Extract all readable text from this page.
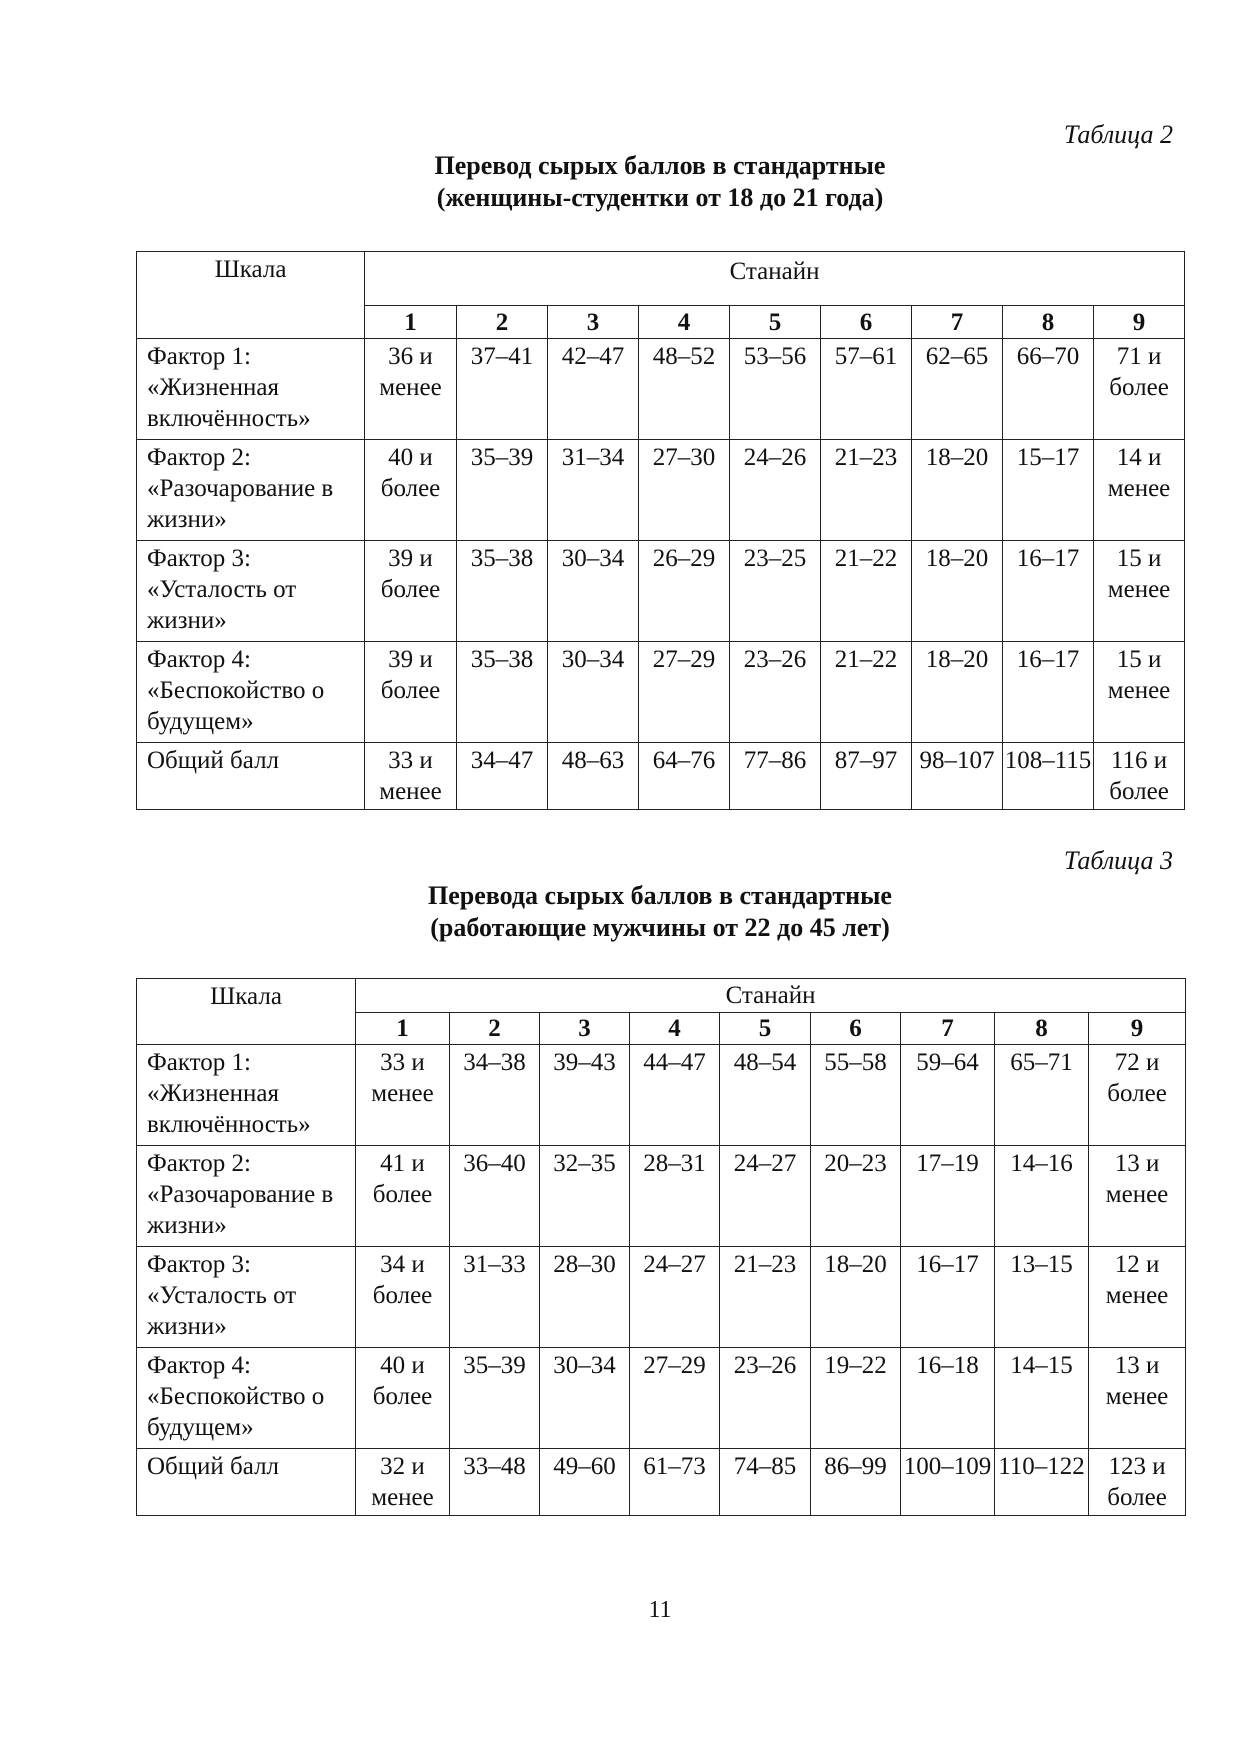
Таблица 2
Перевод сырых баллов в стандартные
(женщины-студентки от 18 до 21 года)
Шкала	Станайн								
	1	2	3	4	5	6	7	8	9
Фактор 1: «Жизненная включённость»	36 и менее	37–41	42–47	48–52	53–56	57–61	62–65	66–70	71 и более
Фактор 2: «Разочарование в жизни»	40 и более	35–39	31–34	27–30	24–26	21–23	18–20	15–17	14 и менее
Фактор 3: «Усталость от жизни»	39 и более	35–38	30–34	26–29	23–25	21–22	18–20	16–17	15 и менее
Фактор 4: «Беспокойство о будущем»	39 и более	35–38	30–34	27–29	23–26	21–22	18–20	16–17	15 и менее
Общий балл	33 и менее	34–47	48–63	64–76	77–86	87–97	98–107	108–115	116 и более
Таблица 3
Перевода сырых баллов в стандартные
(работающие мужчины от 22 до 45 лет)
Шкала	Станайн								
	1	2	3	4	5	6	7	8	9
Фактор 1: «Жизненная включённость»	33 и менее	34–38	39–43	44–47	48–54	55–58	59–64	65–71	72 и более
Фактор 2: «Разочарование в жизни»	41 и более	36–40	32–35	28–31	24–27	20–23	17–19	14–16	13 и менее
Фактор 3: «Усталость от жизни»	34 и более	31–33	28–30	24–27	21–23	18–20	16–17	13–15	12 и менее
Фактор 4: «Беспокойство о будущем»	40 и более	35–39	30–34	27–29	23–26	19–22	16–18	14–15	13 и менее
Общий балл	32 и менее	33–48	49–60	61–73	74–85	86–99	100–109	110–122	123 и более
11
